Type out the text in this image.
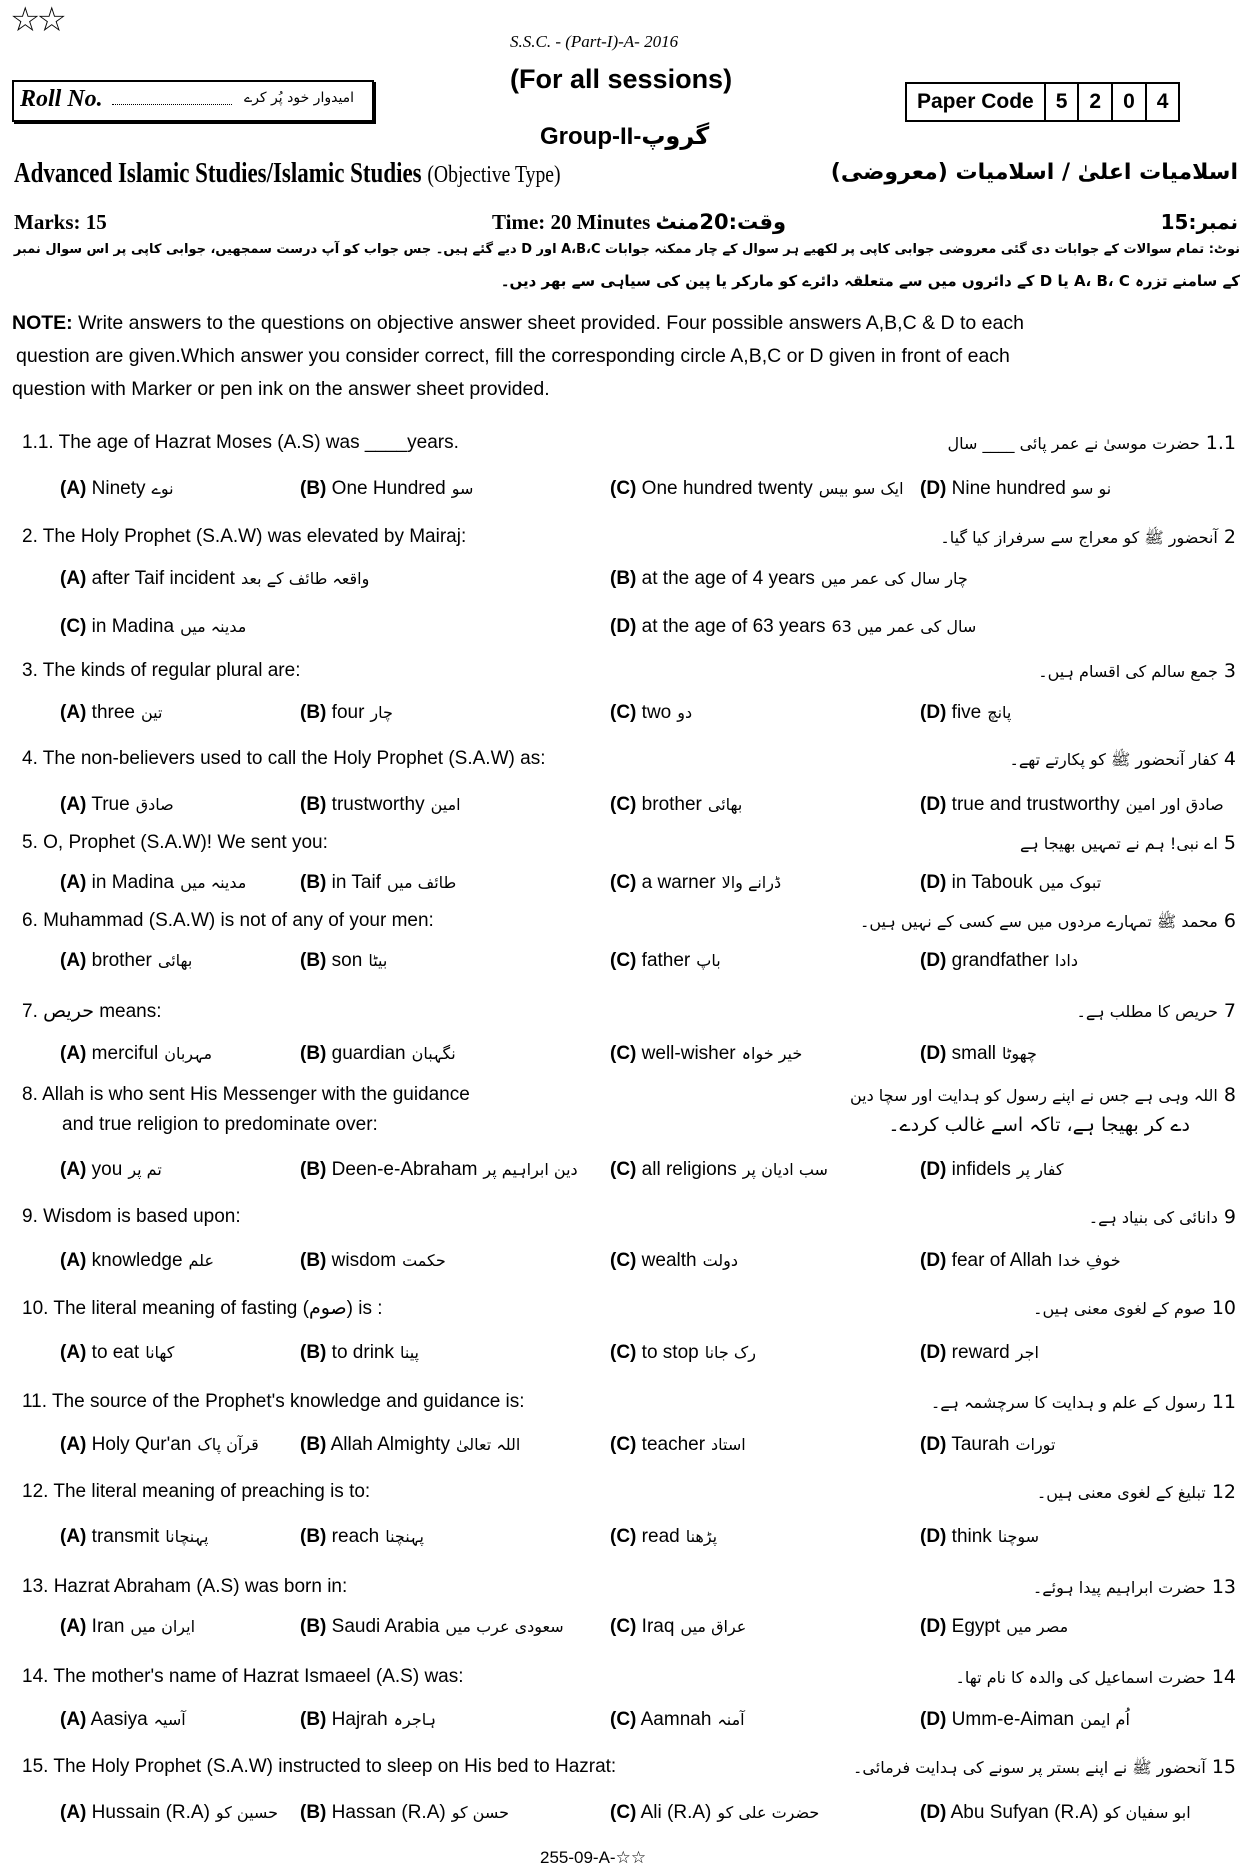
☆☆
S.S.C. - (Part-I)-A- 2016
(For all sessions)
Roll No.	امیدوار خود پُر کرے	Paper Code	5	2	0	4
Group-II-گروپ
Advanced Islamic Studies/Islamic Studies (Objective Type)	اسلامیات اعلیٰ / اسلامیات (معروضی)
Marks: 15	Time: 20 Minutes وقت:20منٹ	نمبر:15
نوٹ: تمام سوالات کے جوابات دی گئی معروضی جوابی کاپی پر لکھیے ہر سوال کے چار ممکنہ جوابات A،B،C اور D دیے گئے ہیں۔ جس جواب کو آپ درست سمجھیں، جوابی کاپی پر اس سوال نمبر
کے سامنے تزرہ A، B، C یا D کے دائروں میں سے متعلقہ دائرے کو مارکر یا پین کی سیاہی سے بھر دیں۔
NOTE: Write answers to the questions on objective answer sheet provided. Four possible answers A,B,C & D to each
question are given.Which answer you consider correct, fill the corresponding circle A,B,C or D given in front of each
question with Marker or pen ink on the answer sheet provided.
1.1. The age of Hazrat Moses (A.S) was ____years.	1.1 حضرت موسیٰ نے عمر پائی ____ سال
(A) Ninety نوے	(B) One Hundred سو	(C) One hundred twenty ایک سو بیس (D) Nine hundred نو سو
2. The Holy Prophet (S.A.W) was elevated by Mairaj:	2 آنحضور ﷺ کو معراج سے سرفراز کیا گیا۔
(A) after Taif incident واقعہ طائف کے بعد	(B) at the age of 4 years چار سال کی عمر میں
(C) in Madina مدینہ میں	(D) at the age of 63 years 63 سال کی عمر میں
3. The kinds of regular plural are:	3 جمع سالم کی اقسام ہیں۔
(A) three تین	(B) four چار	(C) two دو	(D) five پانچ
4. The non-believers used to call the Holy Prophet (S.A.W) as:	4 کفار آنحضور ﷺ کو پکارتے تھے۔
(A) True صادق	(B) trustworthy امین	(C) brother بھائی	(D) true and trustworthy صادق اور امین
5. O, Prophet (S.A.W)! We sent you:	5 اے نبی! ہم نے تمہیں بھیجا ہے
(A) in Madina مدینہ میں	(B) in Taif طائف میں	(C) a warner ڈرانے والا	(D) in Tabouk تبوک میں
6. Muhammad (S.A.W) is not of any of your men:	6 محمد ﷺ تمہارے مردوں میں سے کسی کے نہیں ہیں۔
(A) brother بھائی	(B) son بیٹا	(C) father باپ	(D) grandfather دادا
7. حریص means:	7 حریص کا مطلب ہے۔
(A) merciful مہربان	(B) guardian نگہبان	(C) well-wisher خیر خواہ	(D) small چھوٹا
8. Allah is who sent His Messenger with the guidance
and true religion to predominate over:
8 اللہ وہی ہے جس نے اپنے رسول کو ہدایت اور سچا دین
دے کر بھیجا ہے، تاکہ اسے غالب کردے۔
(A) you تم پر	(B) Deen-e-Abraham دین ابراہیم پر (C) all religions سب ادیان پر	(D) infidels کفار پر
9. Wisdom is based upon:	9 دانائی کی بنیاد ہے۔
(A) knowledge علم	(B) wisdom حکمت	(C) wealth دولت	(D) fear of Allah خوفِ خدا
10. The literal meaning of fasting (صوم) is :	10 صوم کے لغوی معنی ہیں۔
(A) to eat کھانا	(B) to drink پینا	(C) to stop رک جانا	(D) reward اجر
11. The source of the Prophet's knowledge and guidance is:	11 رسول کے علم و ہدایت کا سرچشمہ ہے۔
(A) Holy Qur'an قرآن پاک (B) Allah Almighty اللہ تعالیٰ	(C) teacher استاد	(D) Taurah تورات
12. The literal meaning of preaching is to:	12 تبلیغ کے لغوی معنی ہیں۔
(A) transmit پہنچانا	(B) reach پہنچنا	(C) read پڑھنا	(D) think سوچنا
13. Hazrat Abraham (A.S) was born in:	13 حضرت ابراہیم پیدا ہوئے۔
(A) Iran ایران میں	(B) Saudi Arabia سعودی عرب میں (C) Iraq عراق میں	(D) Egypt مصر میں
14. The mother's name of Hazrat Ismaeel (A.S) was:	14 حضرت اسماعیل کی والدہ کا نام تھا۔
(A) Aasiya آسیہ	(B) Hajrah ہاجرہ	(C) Aamnah آمنہ	(D) Umm-e-Aiman اُم ایمن
15. The Holy Prophet (S.A.W) instructed to sleep on His bed to Hazrat:	15 آنحضور ﷺ نے اپنے بستر پر سونے کی ہدایت فرمائی۔
(A) Hussain (R.A) حسین کو (B) Hassan (R.A) حسن کو	(C) Ali (R.A) حضرت علی کو	(D) Abu Sufyan (R.A) ابو سفیان کو
255-09-A-☆☆
